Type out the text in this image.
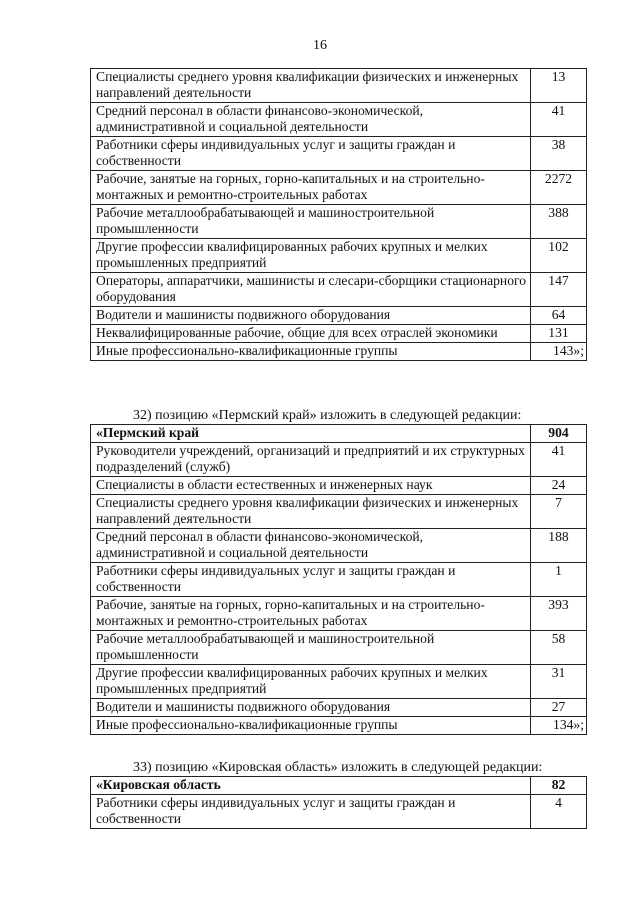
16
Специалисты среднего уровня квалификации физических и инженерных направлений деятельности	13
Средний персонал в области финансово-экономической, административной и социальной деятельности	41
Работники сферы индивидуальных услуг и защиты граждан и собственности	38
Рабочие, занятые на горных, горно-капитальных и на строительно-монтажных и ремонтно-строительных работах	2272
Рабочие металлообрабатывающей и машиностроительной промышленности	388
Другие профессии квалифицированных рабочих крупных и мелких промышленных предприятий	102
Операторы, аппаратчики, машинисты и слесари-сборщики стационарного оборудования	147
Водители и машинисты подвижного оборудования	64
Неквалифицированные рабочие, общие для всех отраслей экономики	131
Иные профессионально-квалификационные группы	143»;
32) позицию «Пермский край» изложить в следующей редакции:
«Пермский край	904
Руководители учреждений, организаций и предприятий и их структурных подразделений (служб)	41
Специалисты в области естественных и инженерных наук	24
Специалисты среднего уровня квалификации физических и инженерных направлений деятельности	7
Средний персонал в области финансово-экономической, административной и социальной деятельности	188
Работники сферы индивидуальных услуг и защиты граждан и собственности	1
Рабочие, занятые на горных, горно-капитальных и на строительно-монтажных и ремонтно-строительных работах	393
Рабочие металлообрабатывающей и машиностроительной промышленности	58
Другие профессии квалифицированных рабочих крупных и мелких промышленных предприятий	31
Водители и машинисты подвижного оборудования	27
Иные профессионально-квалификационные группы	134»;
33) позицию «Кировская область» изложить в следующей редакции:
«Кировская область	82
Работники сферы индивидуальных услуг и защиты граждан и собственности	4
